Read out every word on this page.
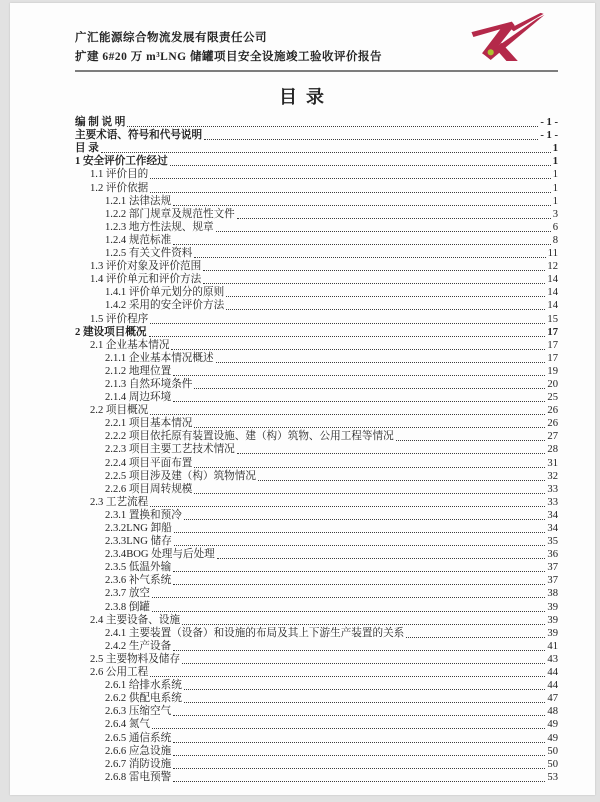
广汇能源综合物流发展有限责任公司
扩建 6#20 万 m³LNG 储罐项目安全设施竣工验收评价报告
目 录
编 制 说 明	- 1 -
主要术语、符号和代号说明	- 1 -
目 录	1
1 安全评价工作经过	1
1.1 评价目的	1
1.2 评价依据	1
1.2.1 法律法规	1
1.2.2 部门规章及规范性文件	3
1.2.3 地方性法规、规章	6
1.2.4 规范标准	8
1.2.5 有关文件资料	11
1.3 评价对象及评价范围	12
1.4 评价单元和评价方法	14
1.4.1 评价单元划分的原则	14
1.4.2 采用的安全评价方法	14
1.5 评价程序	15
2 建设项目概况	17
2.1 企业基本情况	17
2.1.1 企业基本情况概述	17
2.1.2 地理位置	19
2.1.3 自然环境条件	20
2.1.4 周边环境	25
2.2 项目概况	26
2.2.1 项目基本情况	26
2.2.2 项目依托原有装置设施、建（构）筑物、公用工程等情况	27
2.2.3 项目主要工艺技术情况	28
2.2.4 项目平面布置	31
2.2.5 项目涉及建（构）筑物情况	32
2.2.6 项目周转规模	33
2.3 工艺流程	33
2.3.1 置换和预冷	34
2.3.2LNG 卸船	34
2.3.3LNG 储存	35
2.3.4BOG 处理与后处理	36
2.3.5 低温外输	37
2.3.6 补气系统	37
2.3.7 放空	38
2.3.8 倒罐	39
2.4 主要设备、设施	39
2.4.1 主要装置（设备）和设施的布局及其上下游生产装置的关系	39
2.4.2 生产设备	41
2.5 主要物料及储存	43
2.6 公用工程	44
2.6.1 给排水系统	44
2.6.2 供配电系统	47
2.6.3 压缩空气	48
2.6.4 氮气	49
2.6.5 通信系统	49
2.6.6 应急设施	50
2.6.7 消防设施	50
2.6.8 雷电预警	53
